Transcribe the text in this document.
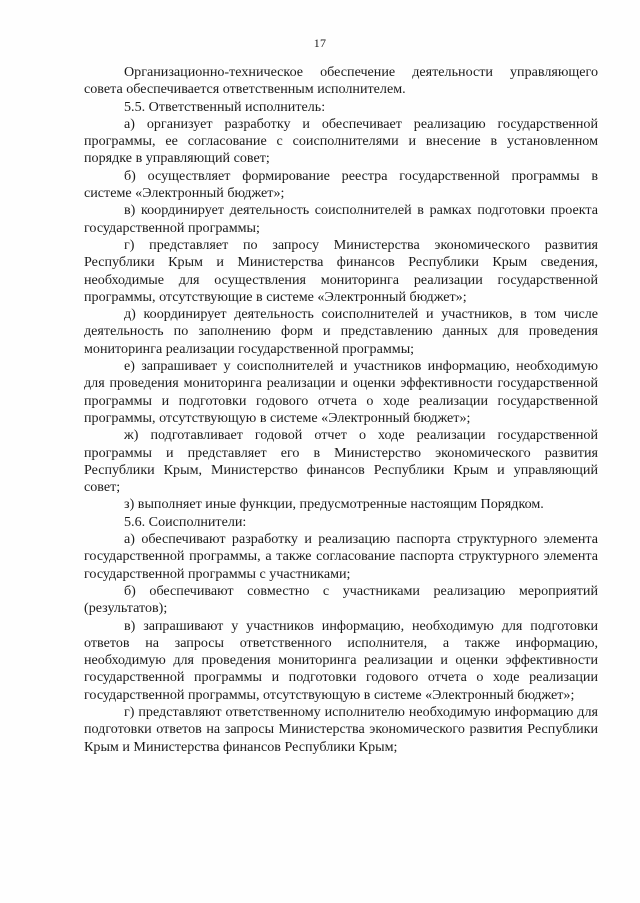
17

Организационно-техническое обеспечение деятельности управляющего совета обеспечивается ответственным исполнителем.

5.5. Ответственный исполнитель:

а) организует разработку и обеспечивает реализацию государственной программы, ее согласование с соисполнителями и внесение в установленном порядке в управляющий совет;

б) осуществляет формирование реестра государственной программы в системе «Электронный бюджет»;

в) координирует деятельность соисполнителей в рамках подготовки проекта государственной программы;

г) представляет по запросу Министерства экономического развития Республики Крым и Министерства финансов Республики Крым сведения, необходимые для осуществления мониторинга реализации государственной программы, отсутствующие в системе «Электронный бюджет»;

д) координирует деятельность соисполнителей и участников, в том числе деятельность по заполнению форм и представлению данных для проведения мониторинга реализации государственной программы;

е) запрашивает у соисполнителей и участников информацию, необходимую для проведения мониторинга реализации и оценки эффективности государственной программы и подготовки годового отчета о ходе реализации государственной программы, отсутствующую в системе «Электронный бюджет»;

ж) подготавливает годовой отчет о ходе реализации государственной программы и представляет его в Министерство экономического развития Республики Крым, Министерство финансов Республики Крым и управляющий совет;

з) выполняет иные функции, предусмотренные настоящим Порядком.

5.6. Соисполнители:

а) обеспечивают разработку и реализацию паспорта структурного элемента государственной программы, а также согласование паспорта структурного элемента государственной программы с участниками;

б) обеспечивают совместно с участниками реализацию мероприятий (результатов);

в) запрашивают у участников информацию, необходимую для подготовки ответов на запросы ответственного исполнителя, а также информацию, необходимую для проведения мониторинга реализации и оценки эффективности государственной программы и подготовки годового отчета о ходе реализации государственной программы, отсутствующую в системе «Электронный бюджет»;

г) представляют ответственному исполнителю необходимую информацию для подготовки ответов на запросы Министерства экономического развития Республики Крым и Министерства финансов Республики Крым;
